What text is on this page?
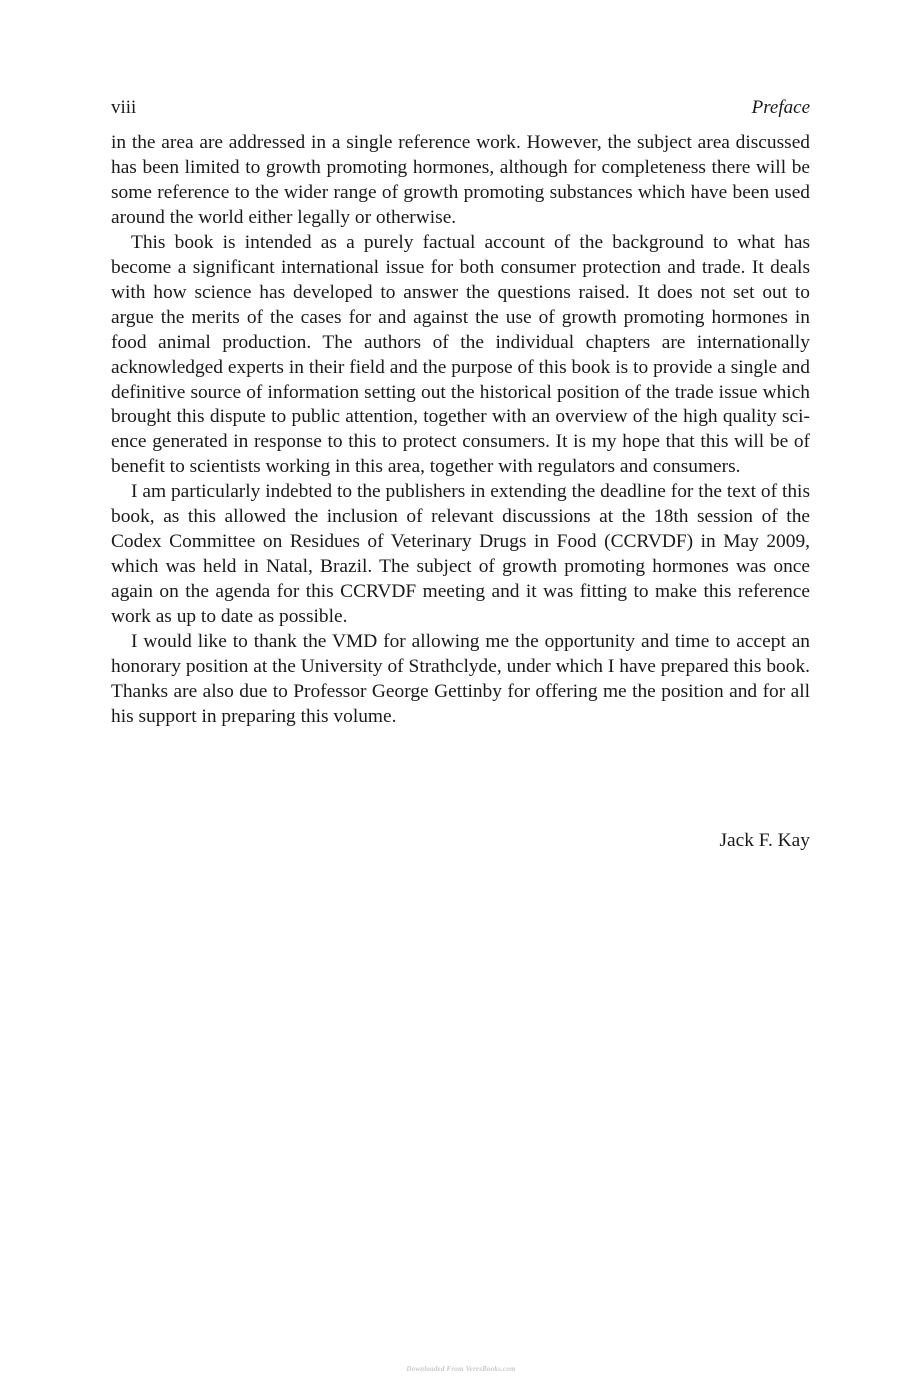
viii	Preface

in the area are addressed in a single reference work. However, the subject area discussed has been limited to growth promoting hormones, although for completeness there will be some reference to the wider range of growth promoting substances which have been used around the world either legally or otherwise.

This book is intended as a purely factual account of the background to what has become a significant international issue for both consumer protection and trade. It deals with how science has developed to answer the questions raised. It does not set out to argue the merits of the cases for and against the use of growth promoting hormones in food animal production. The authors of the individual chapters are internationally acknowledged experts in their field and the purpose of this book is to provide a single and definitive source of information setting out the historical position of the trade issue which brought this dispute to public attention, together with an overview of the high quality science generated in response to this to protect consumers. It is my hope that this will be of benefit to scientists working in this area, together with regulators and consumers.

I am particularly indebted to the publishers in extending the deadline for the text of this book, as this allowed the inclusion of relevant discussions at the 18th session of the Codex Committee on Residues of Veterinary Drugs in Food (CCRVDF) in May 2009, which was held in Natal, Brazil. The subject of growth promoting hormones was once again on the agenda for this CCRVDF meeting and it was fitting to make this reference work as up to date as possible.

I would like to thank the VMD for allowing me the opportunity and time to accept an honorary position at the University of Strathclyde, under which I have prepared this book. Thanks are also due to Professor George Gettinby for offering me the position and for all his support in preparing this volume.

Jack F. Kay
Downloaded From VeresBooks.com
